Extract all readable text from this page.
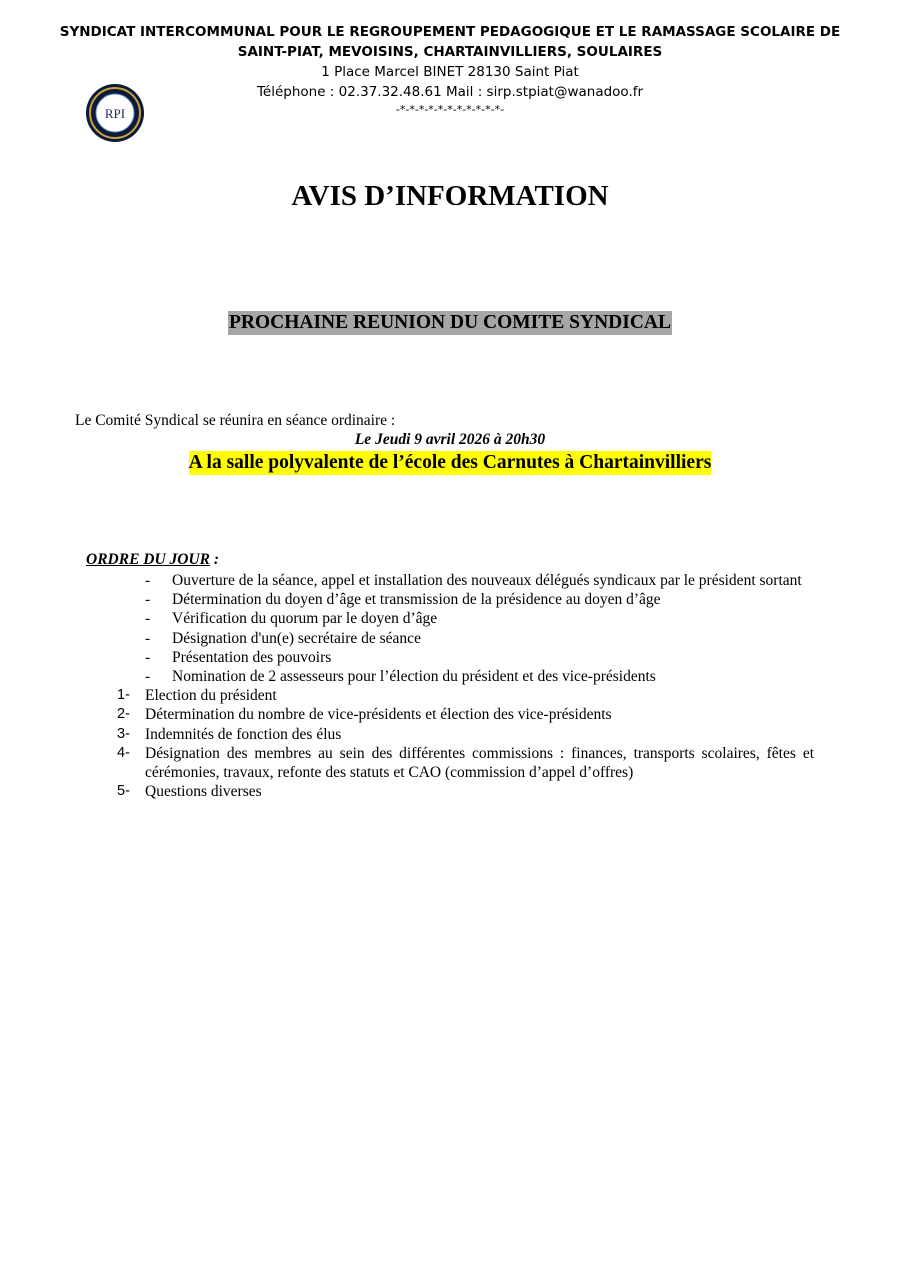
SYNDICAT INTERCOMMUNAL POUR LE REGROUPEMENT PEDAGOGIQUE ET LE RAMASSAGE SCOLAIRE DE
SAINT-PIAT, MEVOISINS, CHARTAINVILLIERS, SOULAIRES
1 Place Marcel BINET 28130 Saint Piat
Téléphone : 02.37.32.48.61 Mail : sirp.stpiat@wanadoo.fr
-*-*-*-*-*-*-*-*-*-*-*-
RPI
AVIS D’INFORMATION
PROCHAINE REUNION DU COMITE SYNDICAL
Le Comité Syndical se réunira en séance ordinaire :
Le Jeudi 9 avril 2026 à 20h30
A la salle polyvalente de l’école des Carnutes à Chartainvilliers
ORDRE DU JOUR :
- Ouverture de la séance, appel et installation des nouveaux délégués syndicaux par le président sortant
- Détermination du doyen d’âge et transmission de la présidence au doyen d’âge
- Vérification du quorum par le doyen d’âge
- Désignation d'un(e) secrétaire de séance
- Présentation des pouvoirs
- Nomination de 2 assesseurs pour l’élection du président et des vice-présidents
1- Election du président
2- Détermination du nombre de vice-présidents et élection des vice-présidents
3- Indemnités de fonction des élus
4- Désignation des membres au sein des différentes commissions : finances, transports scolaires, fêtes et cérémonies, travaux, refonte des statuts et CAO (commission d’appel d’offres)
5- Questions diverses
